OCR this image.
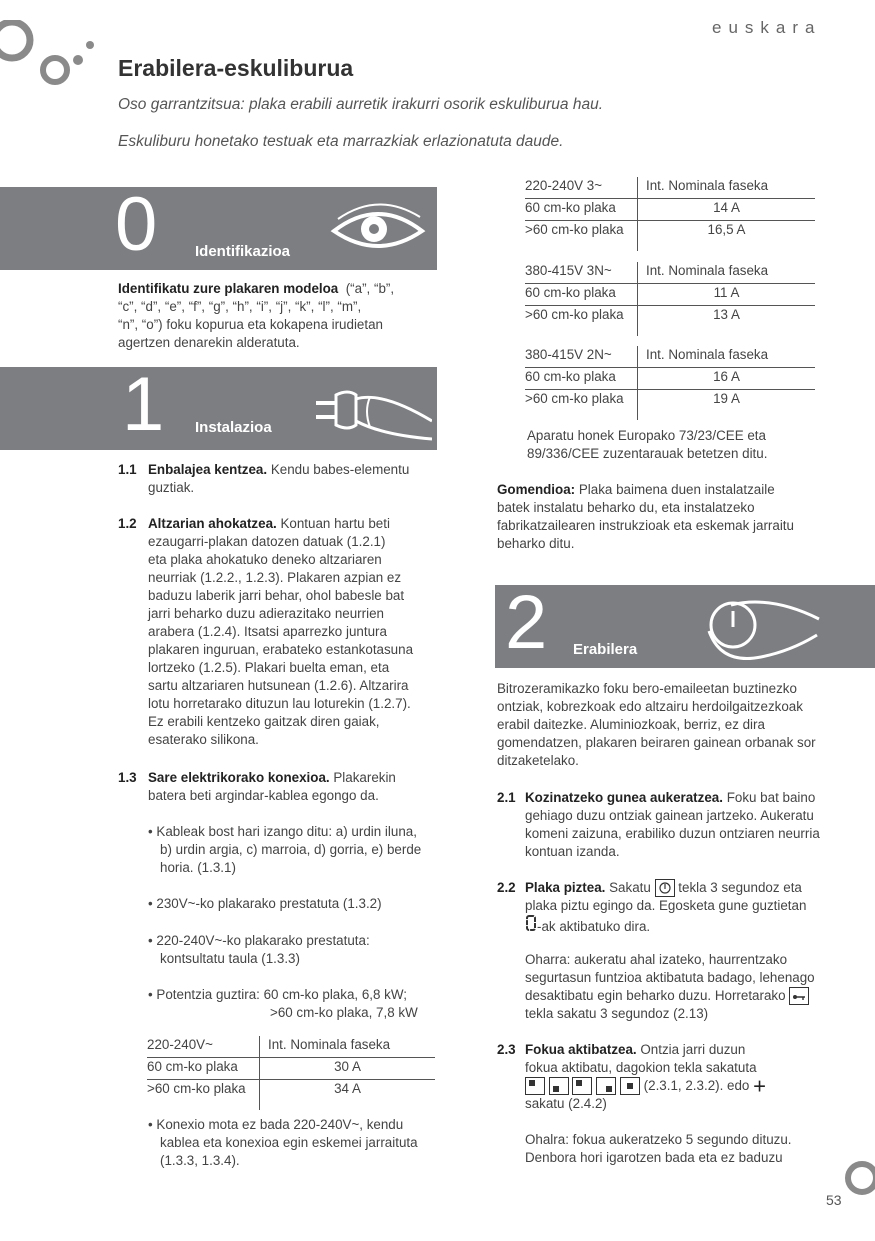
euskara
Erabilera-eskuliburua
Oso garrantzitsua: plaka erabili aurretik irakurri osorik eskuliburua hau.
Eskuliburu honetako testuak eta marrazkiak erlazionatuta daude.
0	Identifikazioa
Identifikatu zure plakaren modeloa (“a”, “b”,
“c”, “d”, “e”, “f”, “g”, “h”, “i”, “j”, “k”, “l”, “m”,
“n”, “o”) foku kopurua eta kokapena irudietan
agertzen denarekin alderatuta.
1 Instalazioa
1.1 Enbalajea kentzea. Kendu babes-elementu
guztiak.
1.2 Altzarian ahokatzea. Kontuan hartu beti
ezaugarri-plakan datozen datuak (1.2.1)
eta plaka ahokatuko deneko altzariaren
neurriak (1.2.2., 1.2.3). Plakaren azpian ez
baduzu laberik jarri behar, ohol babesle bat
jarri beharko duzu adierazitako neurrien
arabera (1.2.4). Itsatsi aparrezko juntura
plakaren inguruan, erabateko estankotasuna
lortzeko (1.2.5). Plakari buelta eman, eta
sartu altzariaren hutsunean (1.2.6). Altzarira
lotu horretarako dituzun lau loturekin (1.2.7).
Ez erabili kentzeko gaitzak diren gaiak,
esaterako silikona.
1.3 Sare elektrikorako konexioa. Plakarekin
batera beti argindar-kablea egongo da.
• Kableak bost hari izango ditu: a) urdin iluna,
b) urdin argia, c) marroia, d) gorria, e) berde
horia. (1.3.1)
• 230V~-ko plakarako prestatuta (1.3.2)
• 220-240V~-ko plakarako prestatuta:
kontsultatu taula (1.3.3)
• Potentzia guztira: 60 cm-ko plaka, 6,8 kW;
>60 cm-ko plaka, 7,8 kW
220-240V~	Int. Nominala faseka
60 cm-ko plaka	30 A
>60 cm-ko plaka	34 A
• Konexio mota ez bada 220-240V~, kendu
kablea eta konexioa egin eskemei jarraituta
(1.3.3, 1.3.4).
220-240V 3~	Int. Nominala faseka
60 cm-ko plaka	14 A
>60 cm-ko plaka	16,5 A
380-415V 3N~	Int. Nominala faseka
60 cm-ko plaka	11 A
>60 cm-ko plaka	13 A
380-415V 2N~	Int. Nominala faseka
60 cm-ko plaka	16 A
>60 cm-ko plaka	19 A
Aparatu honek Europako 73/23/CEE eta
89/336/CEE zuzentarauak betetzen ditu.
Gomendioa: Plaka baimena duen instalatzaile
batek instalatu beharko du, eta instalatzeko
fabrikatzailearen instrukzioak eta eskemak jarraitu
beharko ditu.
2 Erabilera
Bitrozeramikazko foku bero-emaileetan buztinezko
ontziak, kobrezkoak edo altzairu herdoilgaitzezkoak
erabil daitezke. Aluminiozkoak, berriz, ez dira
gomendatzen, plakaren beiraren gainean orbanak sor
ditzaketelako.
2.1 Kozinatzeko gunea aukeratzea. Foku bat baino
gehiago duzu ontziak gainean jartzeko. Aukeratu
komeni zaizuna, erabiliko duzun ontziaren neurria
kontuan izanda.
2.2 Plaka piztea. Sakatu tekla 3 segundoz eta
plaka piztu egingo da. Egosketa gune guztietan
-ak aktibatuko dira.
Oharra: aukeratu ahal izateko, haurrentzako
segurtasun funtzioa aktibatuta badago, lehenago
desaktibatu egin beharko duzu. Horretarako
tekla sakatu 3 segundoz (2.13)
2.3 Fokua aktibatzea. Ontzia jarri duzun
fokua aktibatu, dagokion tekla sakatuta

(2.3.1, 2.3.2). edo +
sakatu (2.4.2)
Ohalra: fokua aukeratzeko 5 segundo dituzu.
Denbora hori igarotzen bada eta ez baduzu
53
